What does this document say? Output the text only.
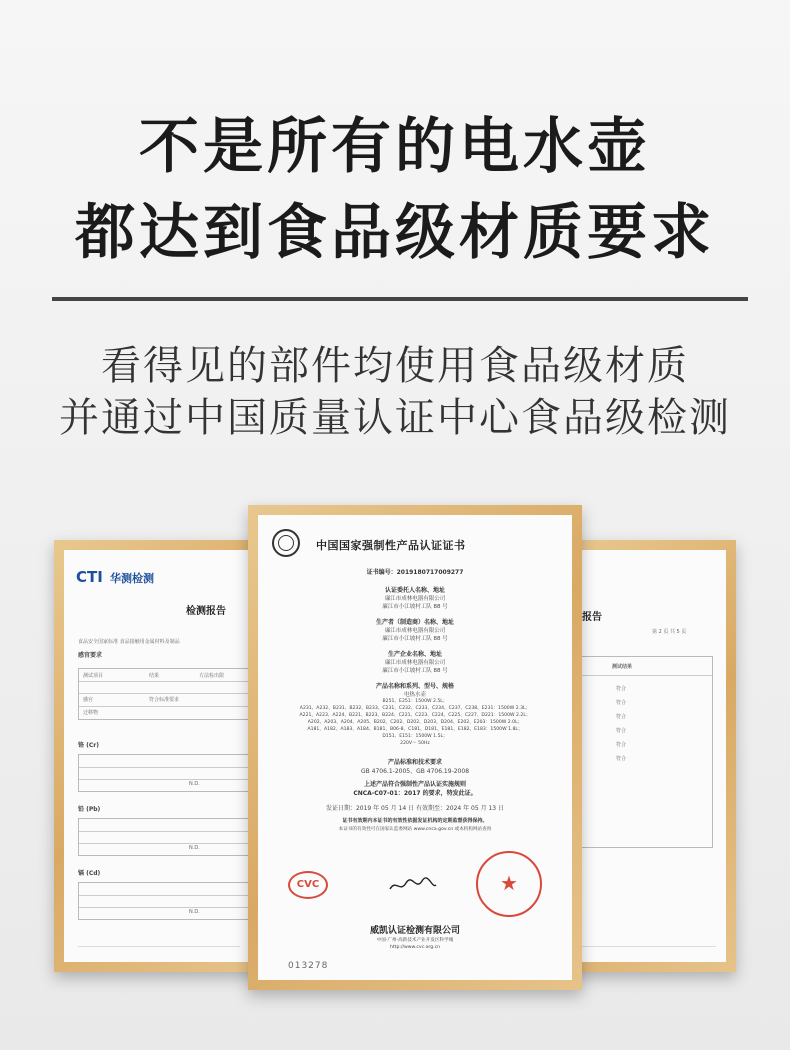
不是所有的电水壶
都达到食品级材质要求
看得见的部件均使用食品级材质
并通过中国质量认证中心食品级检测
CTI 华测检测
检测报告
食品安全国家标准 食品接触用金属材料及制品
感官要求
测试项目	结果	方法检出限
感官	符合标准要求
迁移物
铬 (Cr)
N.D.
铅 (Pb)
N.D.
镉 (Cd)
N.D.
报告
第 2 页 共 5 页
测试结果
符合
符合
符合
符合
符合
符合
中国国家强制性产品认证证书
证书编号：2019180717009277
认证委托人名称、地址
廉江市成林电器有限公司
廉江市小江坡村工队 88 号
生产者（制造商）名称、地址
廉江市成林电器有限公司
廉江市小江坡村工队 88 号
生产企业名称、地址
廉江市成林电器有限公司
廉江市小江坡村工队 88 号
产品名称和系列、型号、规格
电热水壶
B251、E251：1500W 2.5L；
A231、A232、B231、B232、B233、C231、C232、C233、C234、C237、C238、E231：1500W 2.3L；
A221、A223、A224、B221、B223、B224、C221、C223、C224、C225、C227、D221：1500W 2.2L；
A202、A203、A204、A205、B202、C202、D202、D203、D204、E202、E203：1500W 2.0L；
A181、A182、A183、A184、B181、B06-8、C181、D181、E181、E182、E183：1500W 1.8L；
D151、E151：1500W 1.5L；
220V～ 50Hz
产品标准和技术要求
GB 4706.1-2005、GB 4706.19-2008
上述产品符合强制性产品认证实施规则
CNCA-C07-01：2017 的要求，特发此证。
发证日期：2019 年 05 月 14 日 有效期至：2024 年 05 月 13 日
证书有效期内本证书的有效性依据发证机构的定期监督获得保持。
本证书的有效性可在国家认监委网站 www.cnca.gov.cn 或本机构网站查询
CVC
★
威凯认证检测有限公司
中国·广州·高新技术产业开发区科学城
http://www.cvc.org.cn
013278
